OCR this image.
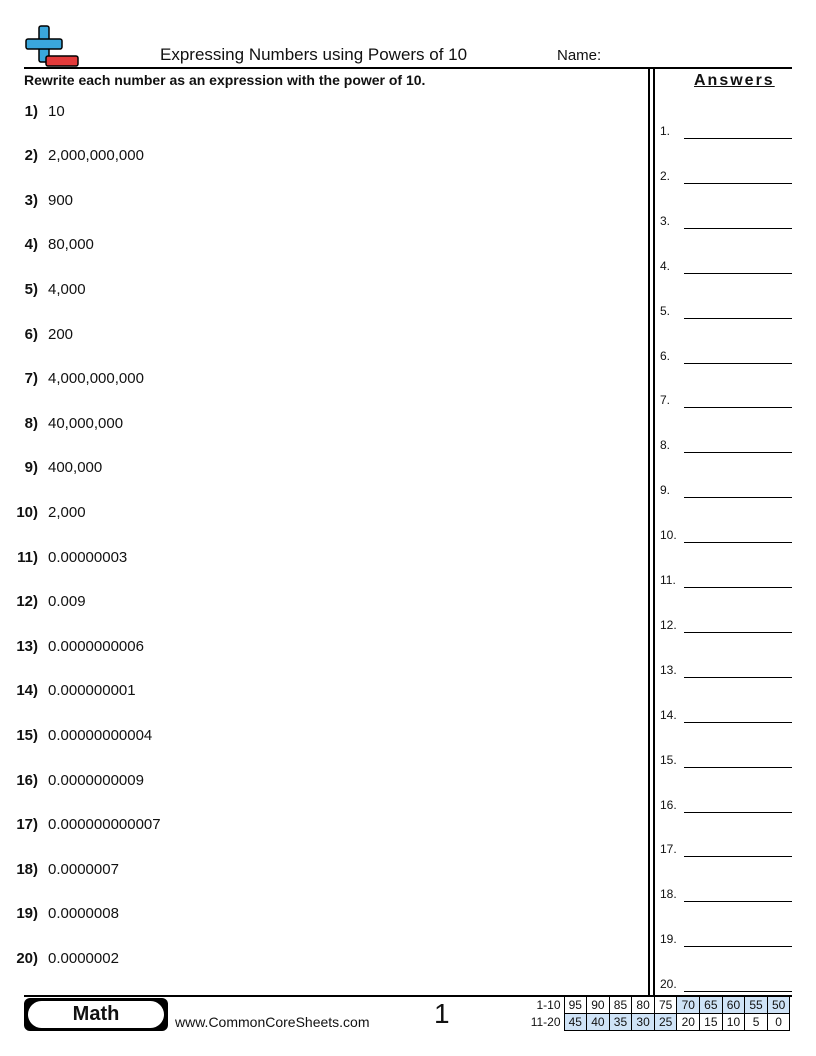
Expressing Numbers using Powers of 10	Name:
Rewrite each number as an expression with the power of 10.	Answers
1) 10
2) 2,000,000,000
3) 900
4) 80,000
5) 4,000
6) 200
7) 4,000,000,000
8) 40,000,000
9) 400,000
10) 2,000
11) 0.00000003
12) 0.009
13) 0.0000000006
14) 0.000000001
15) 0.00000000004
16) 0.0000000009
17) 0.000000000007
18) 0.0000007
19) 0.0000008
20) 0.0000002
1.
2.
3.
4.
5.
6.
7.
8.
9.
10.
11.
12.
13.
14.
15.
16.
17.
18.
19.
20.
Math	www.CommonCoreSheets.com 1	1-10	95	90	85	80	75	70	65	60	55	50
11-20	45	40	35	30	25	20	15	10	5	0
